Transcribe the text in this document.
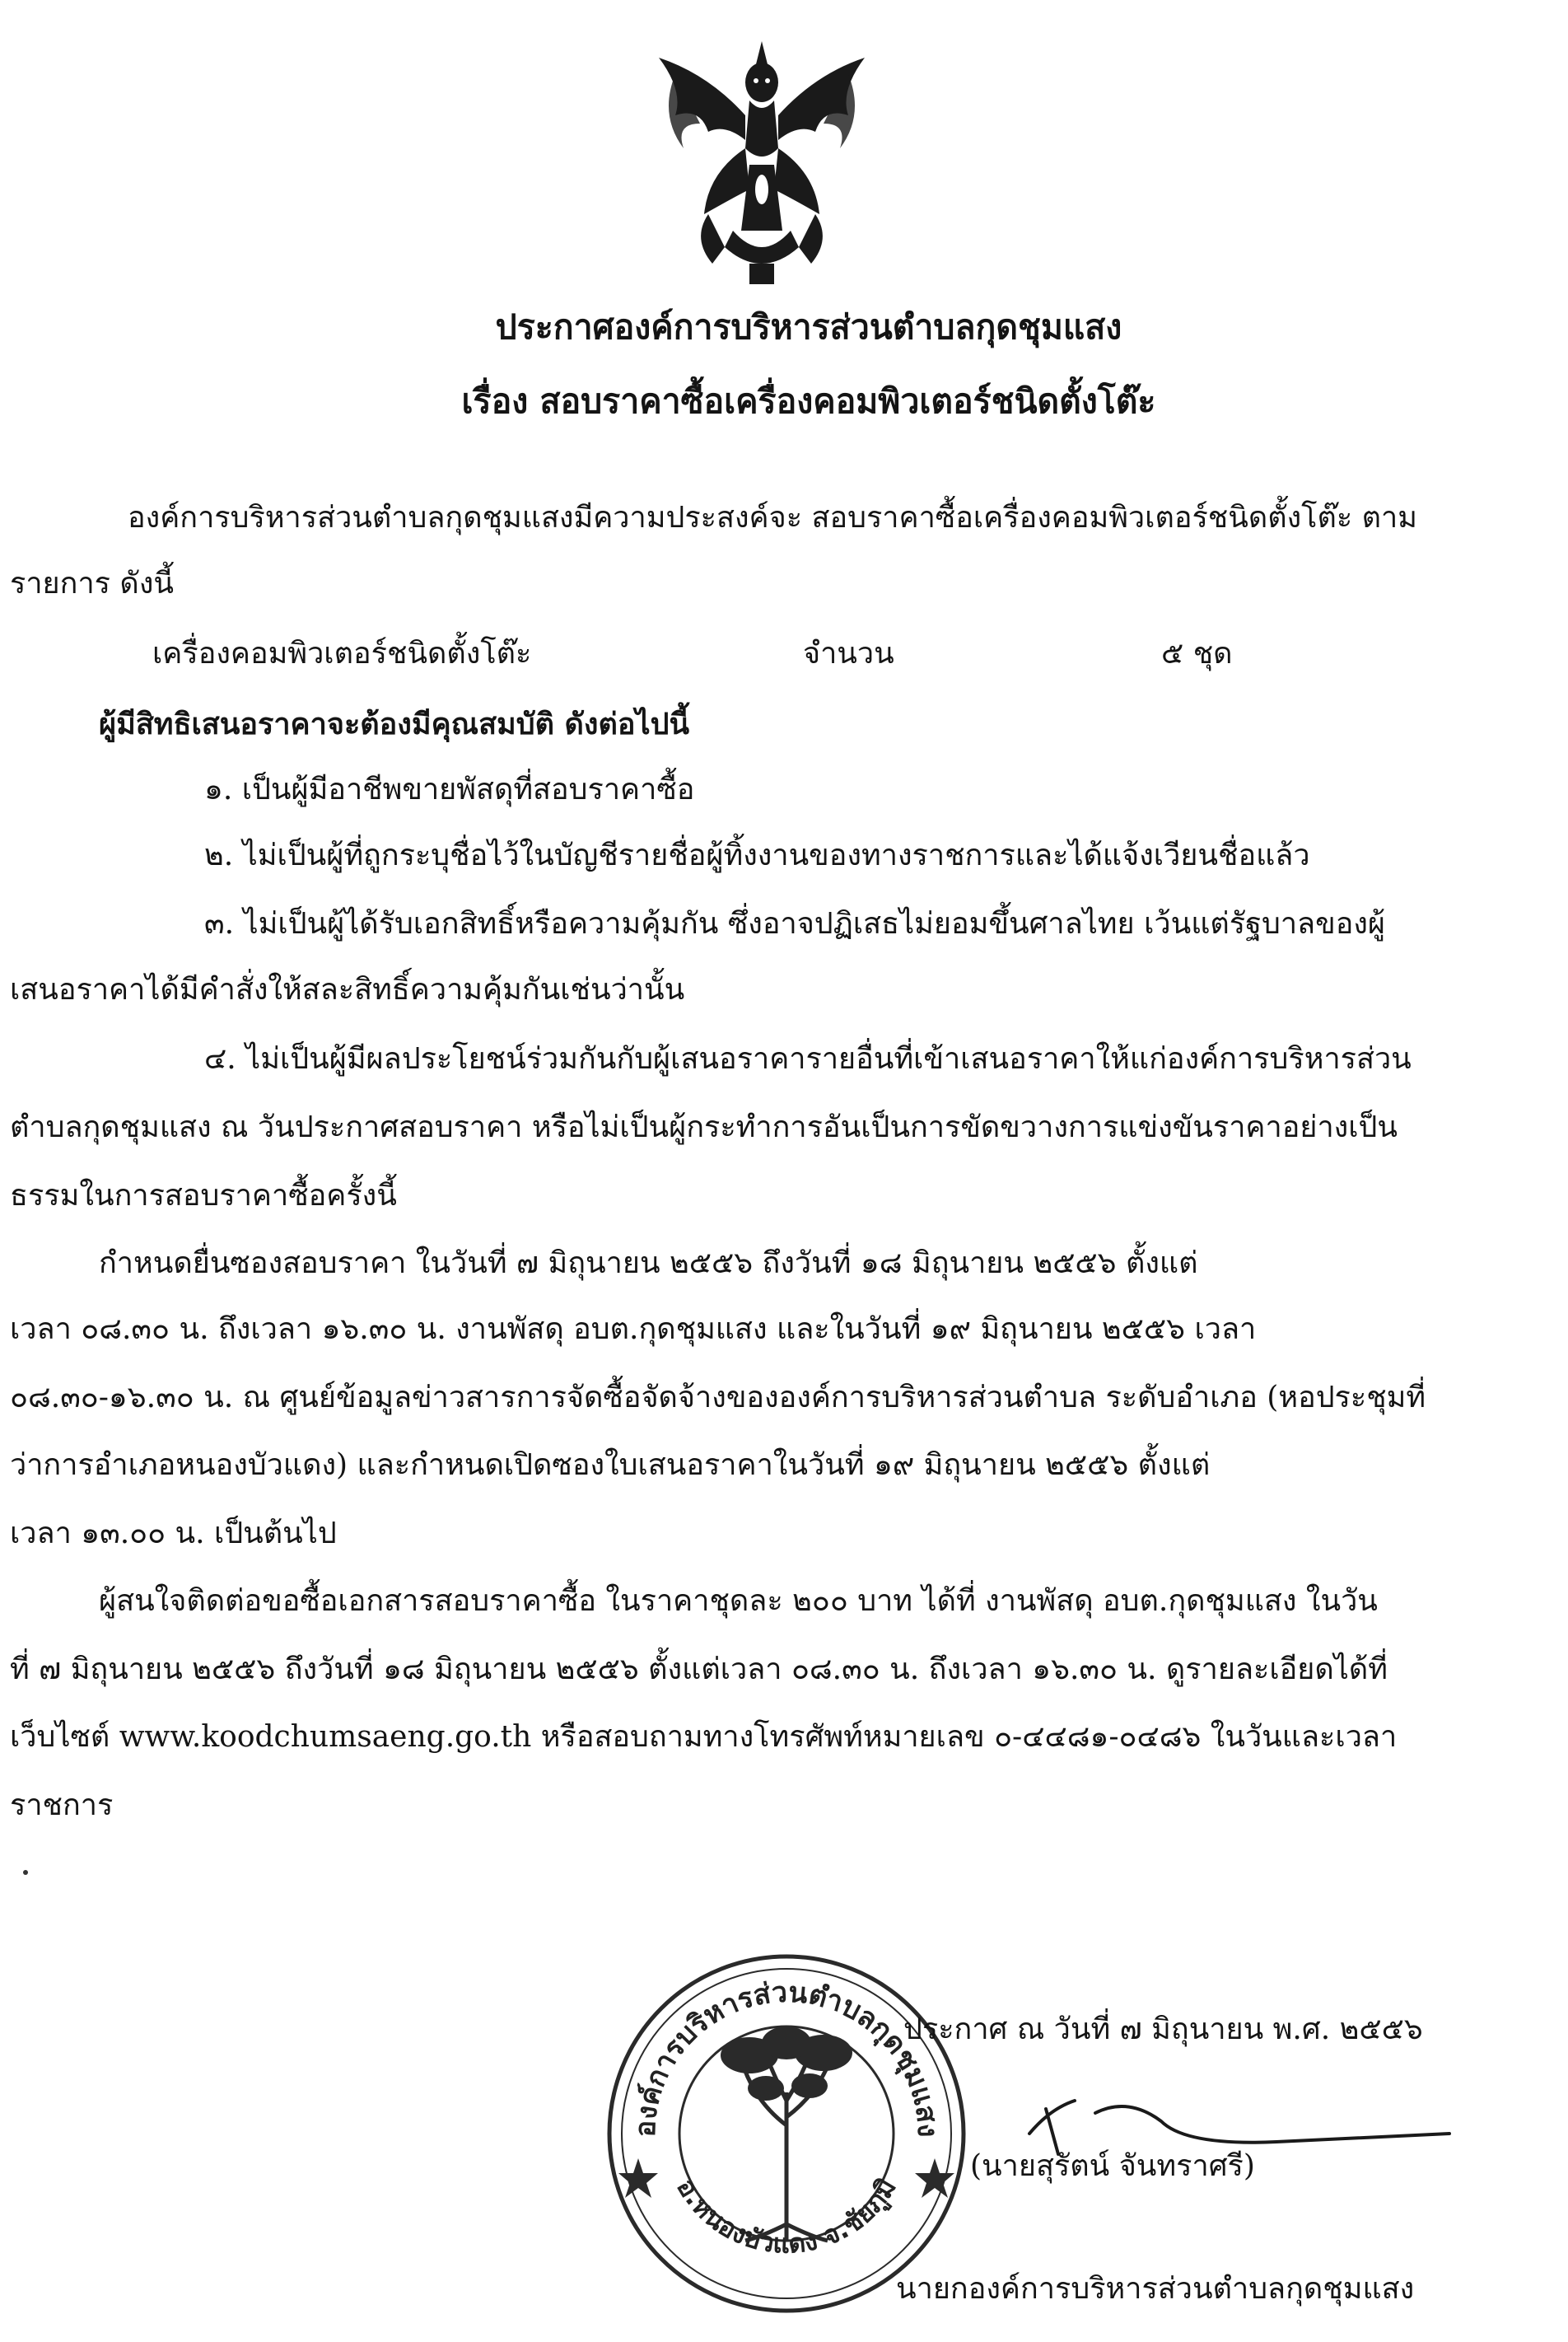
ประกาศองค์การบริหารส่วนตำบลกุดชุมแสง
เรื่อง สอบราคาซื้อเครื่องคอมพิวเตอร์ชนิดตั้งโต๊ะ
องค์การบริหารส่วนตำบลกุดชุมแสงมีความประสงค์จะ สอบราคาซื้อเครื่องคอมพิวเตอร์ชนิดตั้งโต๊ะ ตาม
รายการ ดังนี้
เครื่องคอมพิวเตอร์ชนิดตั้งโต๊ะ	จำนวน	๕ ชุด
ผู้มีสิทธิเสนอราคาจะต้องมีคุณสมบัติ ดังต่อไปนี้
๑. เป็นผู้มีอาชีพขายพัสดุที่สอบราคาซื้อ
๒. ไม่เป็นผู้ที่ถูกระบุชื่อไว้ในบัญชีรายชื่อผู้ทิ้งงานของทางราชการและได้แจ้งเวียนชื่อแล้ว
๓. ไม่เป็นผู้ได้รับเอกสิทธิ์หรือความคุ้มกัน ซึ่งอาจปฏิเสธไม่ยอมขึ้นศาลไทย เว้นแต่รัฐบาลของผู้
เสนอราคาได้มีคำสั่งให้สละสิทธิ์ความคุ้มกันเช่นว่านั้น
๔. ไม่เป็นผู้มีผลประโยชน์ร่วมกันกับผู้เสนอราคารายอื่นที่เข้าเสนอราคาให้แก่องค์การบริหารส่วน
ตำบลกุดชุมแสง ณ วันประกาศสอบราคา หรือไม่เป็นผู้กระทำการอันเป็นการขัดขวางการแข่งขันราคาอย่างเป็น
ธรรมในการสอบราคาซื้อครั้งนี้
กำหนดยื่นซองสอบราคา ในวันที่ ๗ มิถุนายน ๒๕๕๖ ถึงวันที่ ๑๘ มิถุนายน ๒๕๕๖ ตั้งแต่
เวลา ๐๘.๓๐ น. ถึงเวลา ๑๖.๓๐ น. งานพัสดุ อบต.กุดชุมแสง และในวันที่ ๑๙ มิถุนายน ๒๕๕๖ เวลา
๐๘.๓๐-๑๖.๓๐ น. ณ ศูนย์ข้อมูลข่าวสารการจัดซื้อจัดจ้างขององค์การบริหารส่วนตำบล ระดับอำเภอ (หอประชุมที่
ว่าการอำเภอหนองบัวแดง) และกำหนดเปิดซองใบเสนอราคาในวันที่ ๑๙ มิถุนายน ๒๕๕๖ ตั้งแต่
เวลา ๑๓.๐๐ น. เป็นต้นไป
ผู้สนใจติดต่อขอซื้อเอกสารสอบราคาซื้อ ในราคาชุดละ ๒๐๐ บาท ได้ที่ งานพัสดุ อบต.กุดชุมแสง ในวัน
ที่ ๗ มิถุนายน ๒๕๕๖ ถึงวันที่ ๑๘ มิถุนายน ๒๕๕๖ ตั้งแต่เวลา ๐๘.๓๐ น. ถึงเวลา ๑๖.๓๐ น. ดูรายละเอียดได้ที่
เว็บไซต์ www.koodchumsaeng.go.th หรือสอบถามทางโทรศัพท์หมายเลข ๐-๔๔๘๑-๐๔๘๖ ในวันและเวลา
ราชการ
องค์การบริหารส่วนตำบลกุดชุมแสง
อ.หนองบัวแดง จ.ชัยภูมิ
ประกาศ ณ วันที่ ๗ มิถุนายน พ.ศ. ๒๕๕๖
(นายสุรัตน์ จันทราศรี)
นายกองค์การบริหารส่วนตำบลกุดชุมแสง
